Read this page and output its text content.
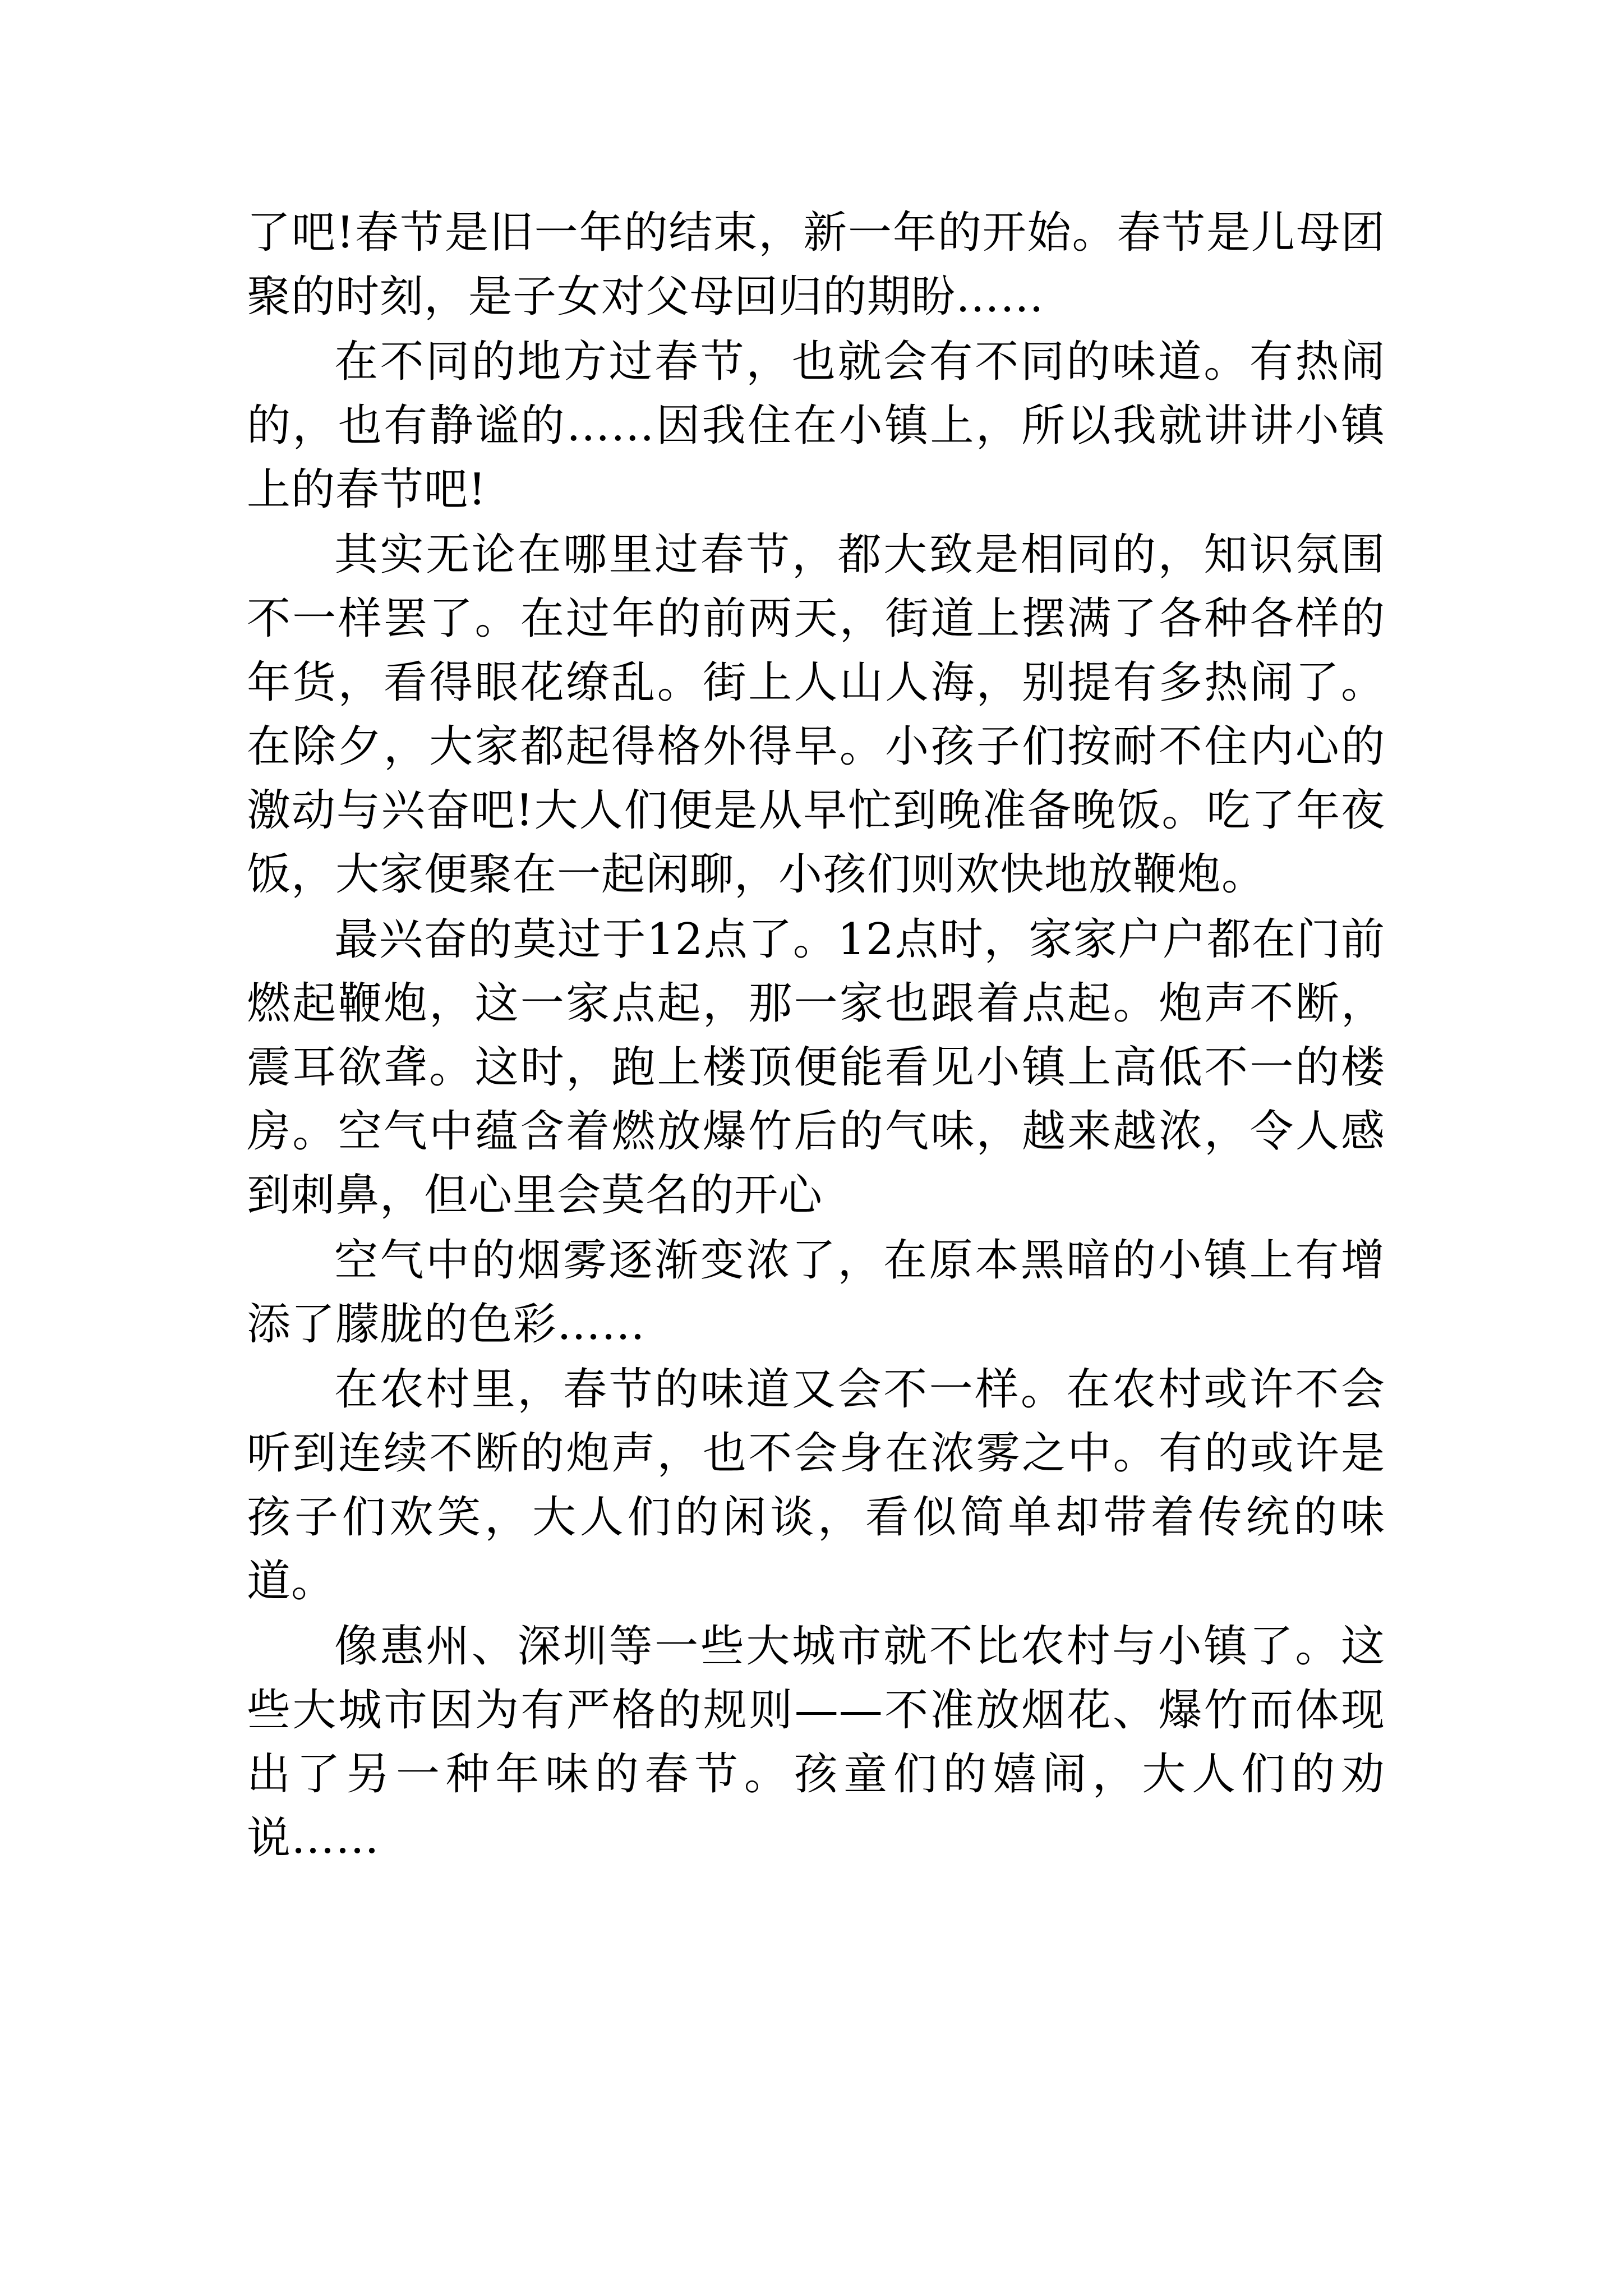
了吧!春节是旧一年的结束，新一年的开始。春节是儿母团聚的时刻，是子女对父母回归的期盼……

在不同的地方过春节，也就会有不同的味道。有热闹的，也有静谧的……因我住在小镇上，所以我就讲讲小镇上的春节吧!

其实无论在哪里过春节，都大致是相同的，知识氛围不一样罢了。在过年的前两天，街道上摆满了各种各样的年货，看得眼花缭乱。街上人山人海，别提有多热闹了。在除夕，大家都起得格外得早。小孩子们按耐不住内心的激动与兴奋吧!大人们便是从早忙到晚准备晚饭。吃了年夜饭，大家便聚在一起闲聊，小孩们则欢快地放鞭炮。

最兴奋的莫过于12点了。12点时，家家户户都在门前燃起鞭炮，这一家点起，那一家也跟着点起。炮声不断，震耳欲聋。这时，跑上楼顶便能看见小镇上高低不一的楼房。空气中蕴含着燃放爆竹后的气味，越来越浓，令人感到刺鼻，但心里会莫名的开心

空气中的烟雾逐渐变浓了，在原本黑暗的小镇上有增添了朦胧的色彩……

在农村里，春节的味道又会不一样。在农村或许不会听到连续不断的炮声，也不会身在浓雾之中。有的或许是孩子们欢笑，大人们的闲谈，看似简单却带着传统的味道。

像惠州、深圳等一些大城市就不比农村与小镇了。这些大城市因为有严格的规则——不准放烟花、爆竹而体现出了另一种年味的春节。孩童们的嬉闹，大人们的劝说……
